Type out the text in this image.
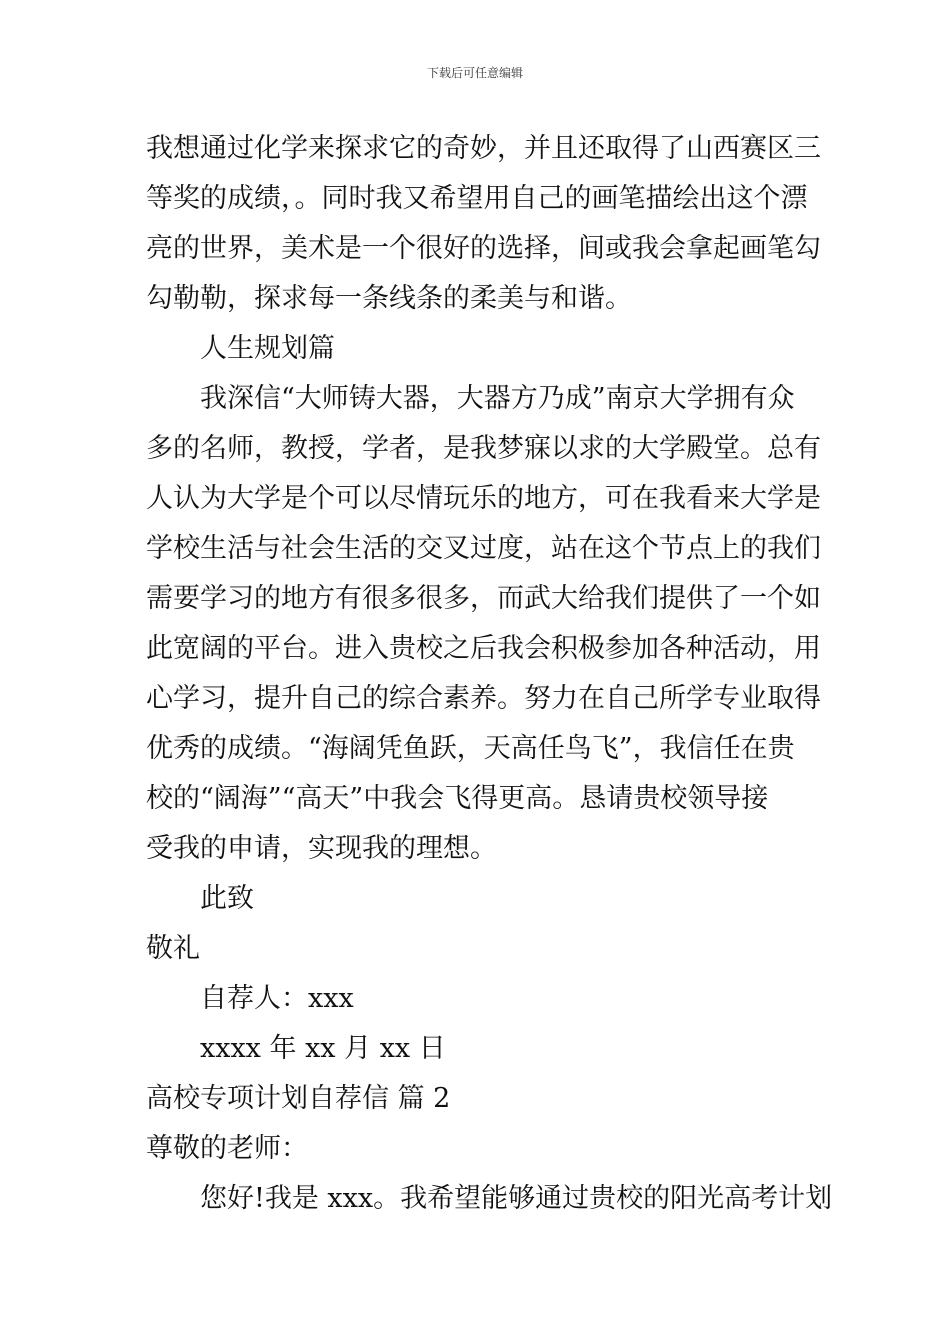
下载后可任意编辑
我想通过化学来探求它的奇妙，并且还取得了山西赛区三
等奖的成绩，。同时我又希望用自己的画笔描绘出这个漂
亮的世界，美术是一个很好的选择，间或我会拿起画笔勾
勾勒勒，探求每一条线条的柔美与和谐。
人生规划篇
我深信“大师铸大器，大器方乃成”南京大学拥有众
多的名师，教授，学者，是我梦寐以求的大学殿堂。总有
人认为大学是个可以尽情玩乐的地方，可在我看来大学是
学校生活与社会生活的交叉过度，站在这个节点上的我们
需要学习的地方有很多很多，而武大给我们提供了一个如
此宽阔的平台。进入贵校之后我会积极参加各种活动，用
心学习，提升自己的综合素养。努力在自己所学专业取得
优秀的成绩。“海阔凭鱼跃，天高任鸟飞”，我信任在贵
校的“阔海”“高天”中我会飞得更高。恳请贵校领导接
受我的申请，实现我的理想。
此致
敬礼
自荐人：xxx
xxxx 年 xx 月 xx 日
高校专项计划自荐信 篇 2
尊敬的老师：
您好!我是 xxx。我希望能够通过贵校的阳光高考计划
